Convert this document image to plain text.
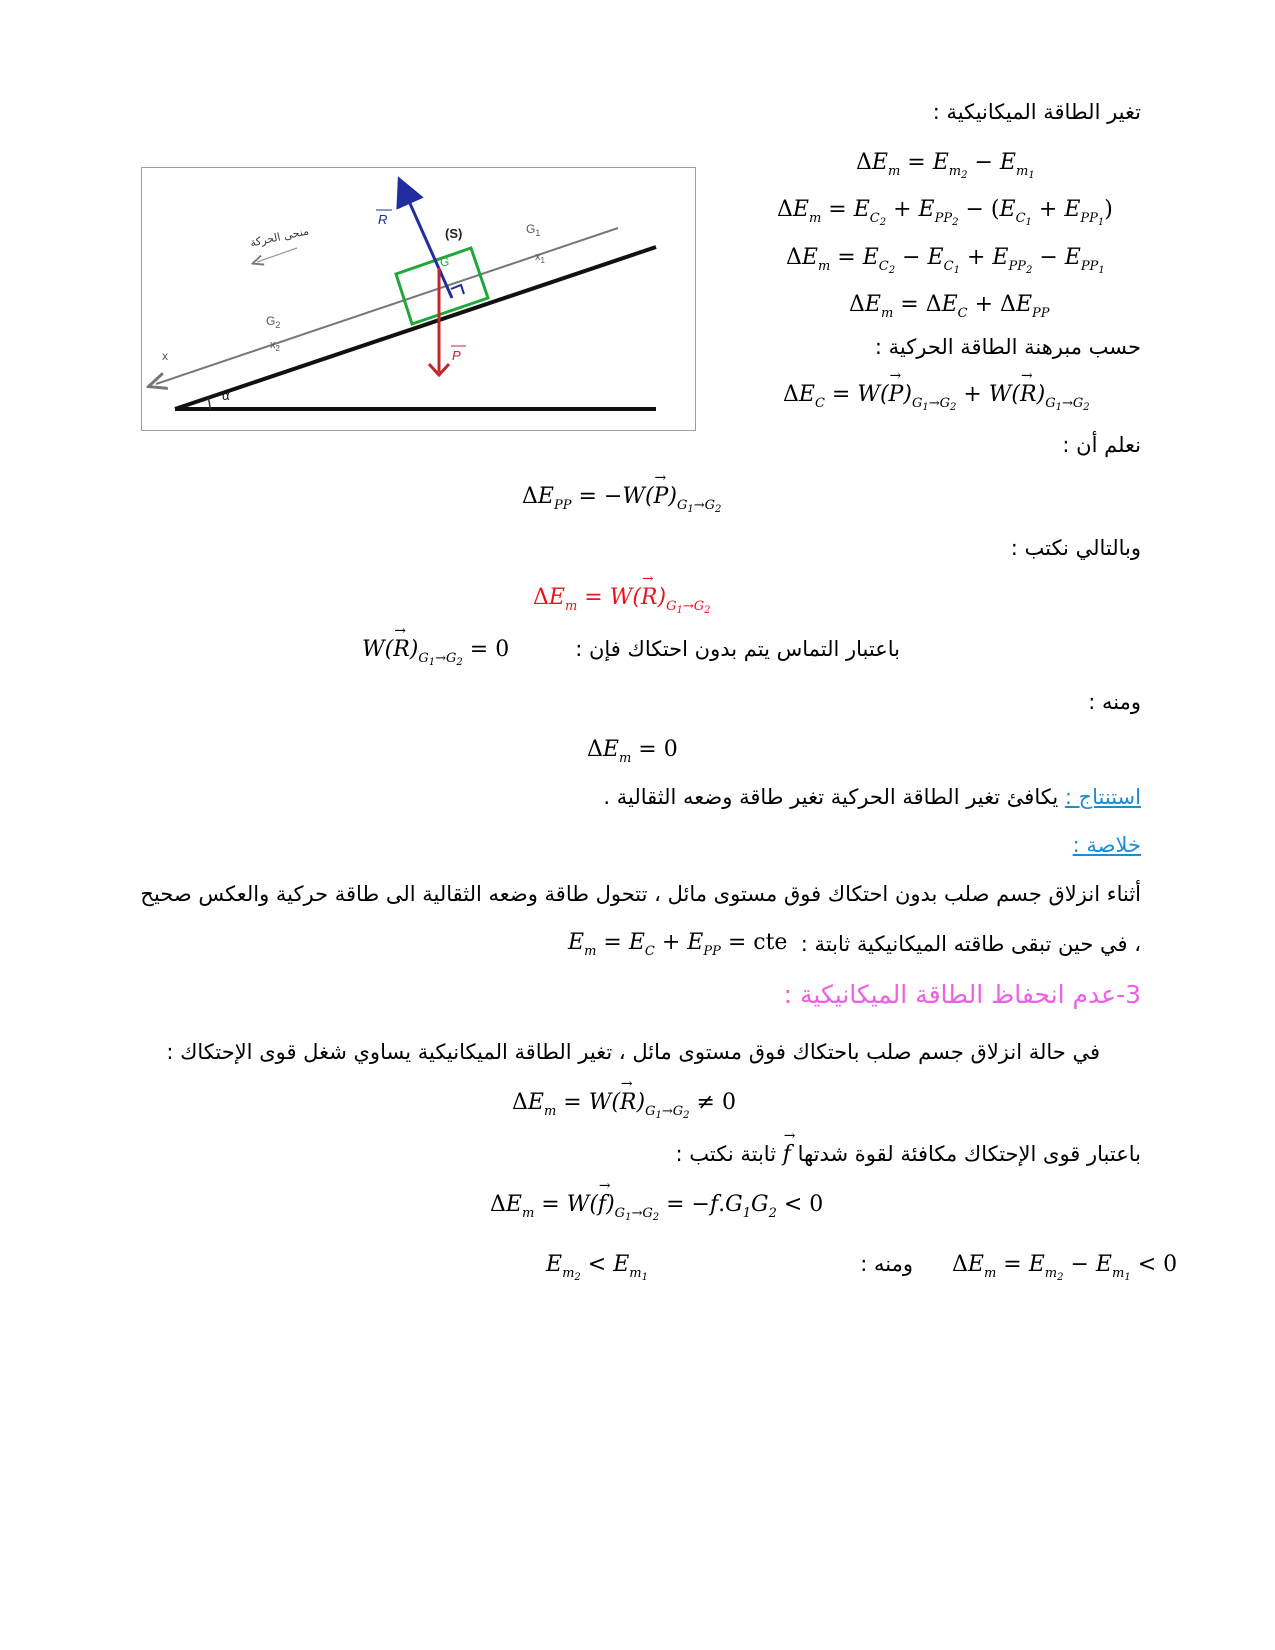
تغير الطاقة الميكانيكية :
$\Delta E_m = E_{m_2} - E_{m_1}$
$\Delta E_m = E_{C_2} + E_{PP_2} - (E_{C_1} + E_{PP_1})$
$\Delta E_m = E_{C_2} - E_{C_1} + E_{PP_2} - E_{PP_1}$
$\Delta E_m = \Delta E_C + \Delta E_{PP}$
حسب مبرهنة الطاقة الحركية :
$\Delta E_C = W(\to P)_{G_1\to G_2} + W(\to R)_{G_1\to G_2}$
نعلم أن :
$\Delta E_{PP} = -W(\to P)_{G_1\to G_2}$
وبالتالي نكتب :
$\Delta E_m = W(\to R)_{G_1\to G_2}$
باعتبار التماس يتم بدون احتكاك فإن :
$W(\to R)_{G_1\to G_2} = 0$
ومنه :
$\Delta E_m = 0$
استنتاج : يكافئ تغير الطاقة الحركية تغير طاقة وضعه الثقالية .
خلاصة :
أثناء انزلاق جسم صلب بدون احتكاك فوق مستوى مائل ، تتحول طاقة وضعه الثقالية الى طاقة حركية والعكس صحيح
، في حين تبقى طاقته الميكانيكية ثابتة :
$E_m = E_C + E_{PP}$ = cte
3-عدم انحفاظ الطاقة الميكانيكية :
في حالة انزلاق جسم صلب باحتكاك فوق مستوى مائل ، تغير الطاقة الميكانيكية يساوي شغل قوى الإحتكاك :
$\Delta E_m = W(\to R)_{G_1\to G_2} \ne 0$
باعتبار قوى الإحتكاك مكافئة لقوة شدتها → f ثابتة نكتب :
$\Delta E_m = W(\to f)_{G_1\to G_2} = -f.G_1G_2 < 0$
$E_{m_2} < E_{m_1}$
ومنه : $\Delta E_m = E_{m_2} - E_{m_1} < 0$
x
α
$G_2$
$x_2$
$G_1$
$x_1$
منحى الحركة	(S)
G
R
P
